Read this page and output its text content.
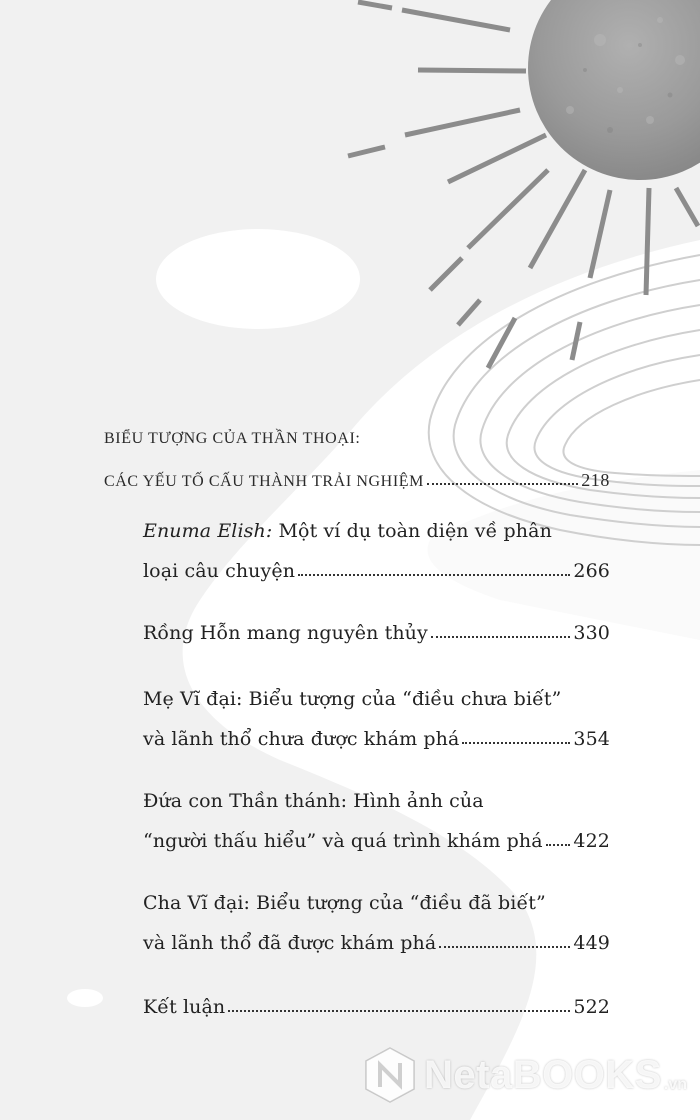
BIỂU TƯỢNG CỦA THẦN THOẠI:
CÁC YẾU TỐ CẤU THÀNH TRẢI NGHIỆM	218
Enuma Elish: Một ví dụ toàn diện về phân
loại câu chuyện	266
Rồng Hỗn mang nguyên thủy	330
Mẹ Vĩ đại: Biểu tượng của “điều chưa biết”
và lãnh thổ chưa được khám phá	354
Đứa con Thần thánh: Hình ảnh của
“người thấu hiểu” và quá trình khám phá 422
Cha Vĩ đại: Biểu tượng của “điều đã biết”
và lãnh thổ đã được khám phá	449
Kết luận	522
NetaBOOKS .vn
